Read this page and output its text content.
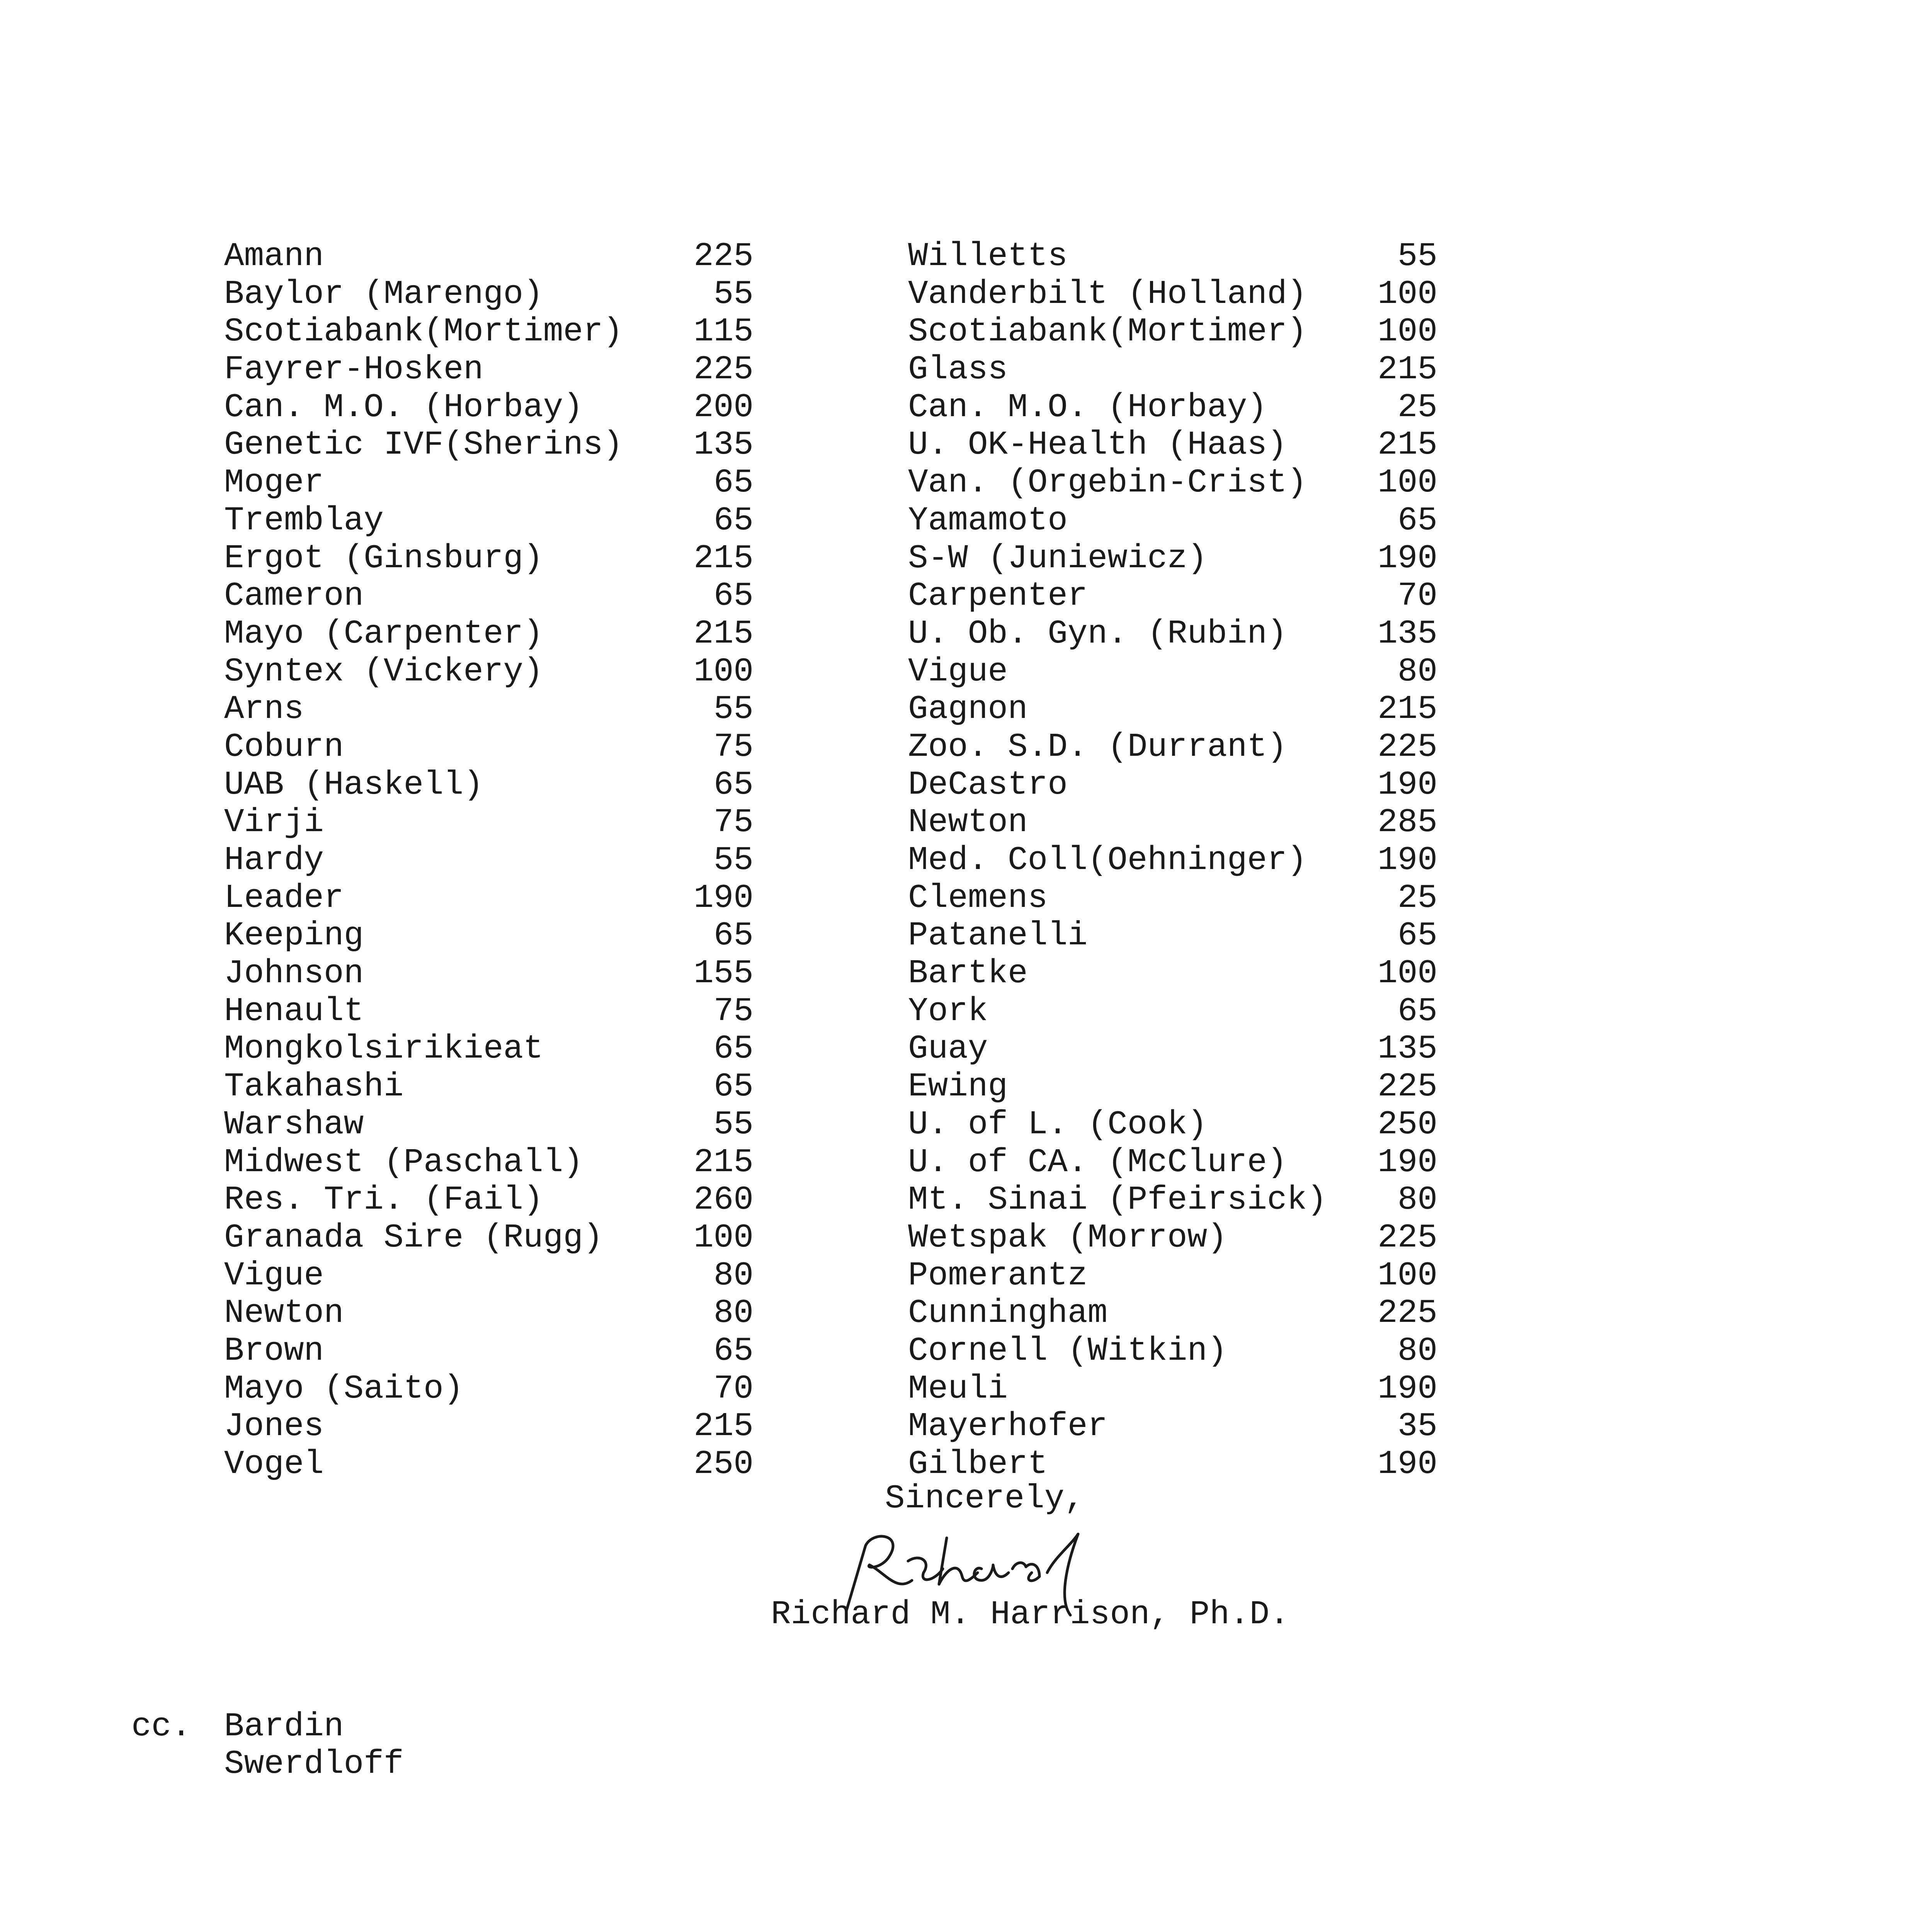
Amann	225
Baylor (Marengo)	55
Scotiabank(Mortimer) 115
Fayrer-Hosken	225
Can. M.O. (Horbay)	200
Genetic IVF(Sherins) 135
Moger	65
Tremblay	65
Ergot (Ginsburg)	215
Cameron	65
Mayo (Carpenter)	215
Syntex (Vickery)	100
Arns	55
Coburn	75
UAB (Haskell)	65
Virji	75
Hardy	55
Leader	190
Keeping	65
Johnson	155
Henault	75
Mongkolsirikieat	65
Takahashi	65
Warshaw	55
Midwest (Paschall)	215
Res. Tri. (Fail)	260
Granada Sire (Rugg)	100
Vigue	80
Newton	80
Brown	65
Mayo (Saito)	70
Jones	215
Vogel	250
Willetts	55
Vanderbilt (Holland) 100
Scotiabank(Mortimer) 100
Glass	215
Can. M.O. (Horbay)	25
U. OK-Health (Haas)	215
Van. (Orgebin-Crist) 100
Yamamoto	65
S-W (Juniewicz)	190
Carpenter	70
U. Ob. Gyn. (Rubin)	135
Vigue	80
Gagnon	215
Zoo. S.D. (Durrant)	225
DeCastro	190
Newton	285
Med. Coll(Oehninger) 190
Clemens	25
Patanelli	65
Bartke	100
York	65
Guay	135
Ewing	225
U. of L. (Cook)	250
U. of CA. (McClure)	190
Mt. Sinai (Pfeirsick) 80
Wetspak (Morrow)	225
Pomerantz	100
Cunningham	225
Cornell (Witkin)	80
Meuli	190
Mayerhofer	35
Gilbert	190
Sincerely,
Richard
Richard M. Harrison, Ph.D.
cc. Bardin
Swerdloff
